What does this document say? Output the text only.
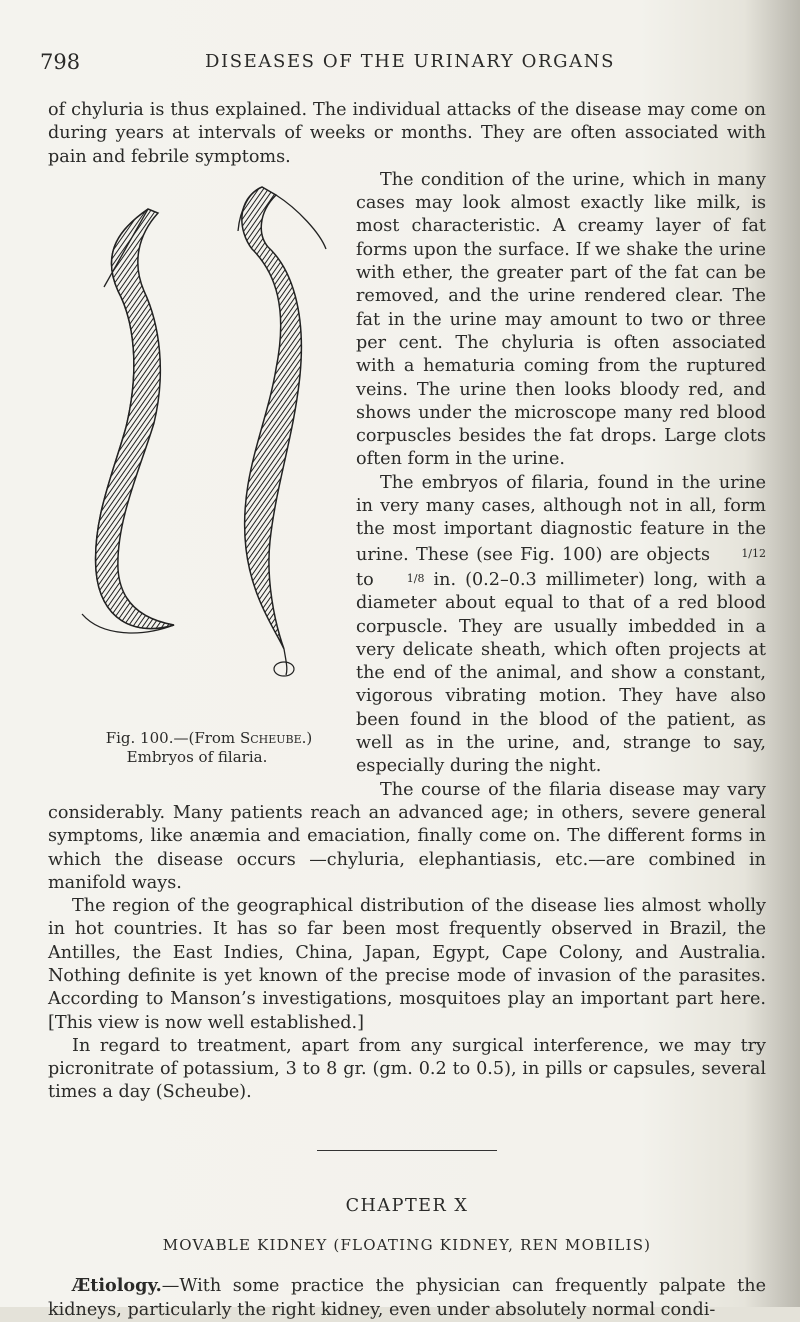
798	DISEASES OF THE URINARY ORGANS

of chyluria is thus explained. The individual attacks of the disease may come on during years at intervals of weeks or months. They are often associated with pain and febrile symptoms.

Fig. 100.—(From Scheube.)
Embryos of filaria.
The condition of the urine, which in many cases may look almost exactly like milk, is most characteristic. A creamy layer of fat forms upon the surface. If we shake the urine with ether, the greater part of the fat can be removed, and the urine rendered clear. The fat in the urine may amount to two or three per cent. The chyluria is often associated with a hematuria coming from the ruptured veins. The urine then looks bloody red, and shows under the microscope many red blood corpuscles besides the fat drops. Large clots often form in the urine.

The embryos of filaria, found in the urine in very many cases, although not in all, form the most important diagnostic feature in the urine. These (see Fig. 100) are objects	1/12 to	1/8 in. (0.2–0.3 millimeter) long, with a diameter about equal to that of a red blood corpuscle. They are usually imbedded in a very delicate sheath, which often projects at the end of the animal, and show a constant, vigorous vibrating motion. They have also been found in the blood of the patient, as well as in the urine, and, strange to say, especially during the night.

The course of the filaria disease may vary considerably. Many patients reach an advanced age; in others, severe general symptoms, like anæmia and emaciation, finally come on. The different forms in which the disease occurs —chyluria, elephantiasis, etc.—are combined in manifold ways.

The region of the geographical distribution of the disease lies almost wholly in hot countries. It has so far been most frequently observed in Brazil, the Antilles, the East Indies, China, Japan, Egypt, Cape Colony, and Australia. Nothing definite is yet known of the precise mode of invasion of the parasites. According to Manson’s investigations, mosquitoes play an important part here. [This view is now well established.]

In regard to treatment, apart from any surgical interference, we may try picronitrate of potassium, 3 to 8 gr. (gm. 0.2 to 0.5), in pills or capsules, several times a day (Scheube).

CHAPTER X
MOVABLE KIDNEY (FLOATING KIDNEY, REN MOBILIS)

Ætiology.—With some practice the physician can frequently palpate the kidneys, particularly the right kidney, even under absolutely normal condi-
